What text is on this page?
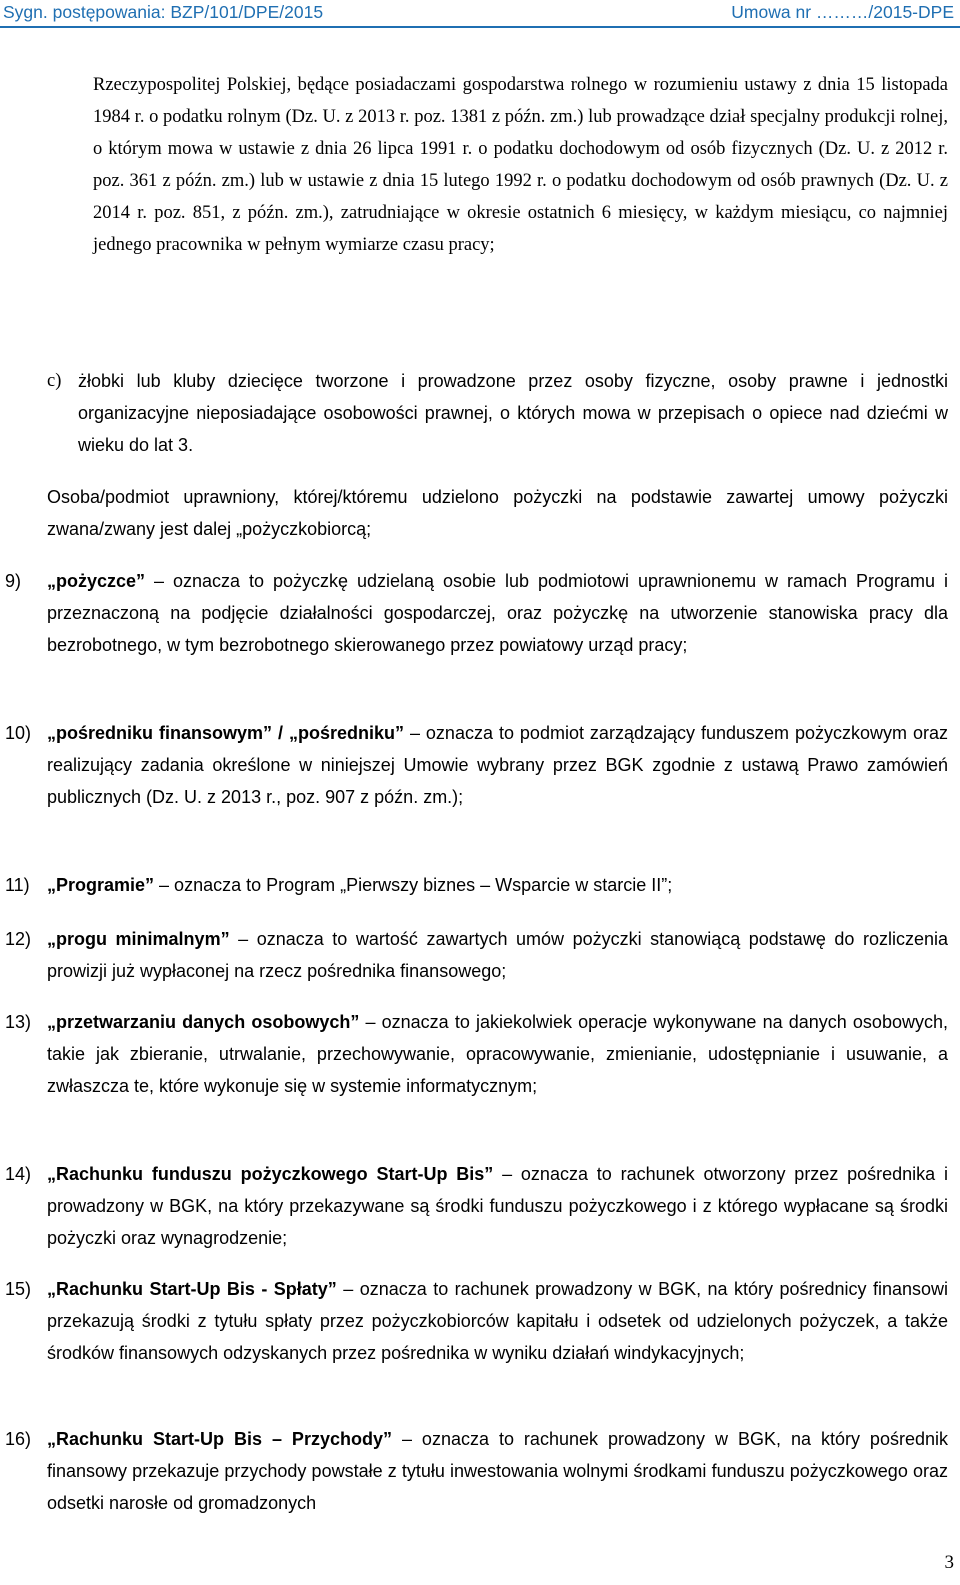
Sygn. postępowania: BZP/101/DPE/2015	Umowa nr ………/2015-DPE

Rzeczypospolitej Polskiej, będące posiadaczami gospodarstwa rolnego w rozumieniu ustawy z dnia 15 listopada 1984 r. o podatku rolnym (Dz. U. z 2013 r. poz. 1381 z późn. zm.) lub prowadzące dział specjalny produkcji rolnej, o którym mowa w ustawie z dnia 26 lipca 1991 r. o podatku dochodowym od osób fizycznych (Dz. U. z 2012 r. poz. 361 z późn. zm.) lub w ustawie z dnia 15 lutego 1992 r. o podatku dochodowym od osób prawnych (Dz. U. z 2014 r. poz. 851, z późn. zm.), zatrudniające w okresie ostatnich 6 miesięcy, w każdym miesiącu, co najmniej jednego pracownika w pełnym wymiarze czasu pracy;

c) żłobki lub kluby dziecięce tworzone i prowadzone przez osoby fizyczne, osoby prawne i jednostki organizacyjne nieposiadające osobowości prawnej, o których mowa w przepisach o opiece nad dziećmi w wieku do lat 3.

Osoba/podmiot uprawniony, której/któremu udzielono pożyczki na podstawie zawartej umowy pożyczki zwana/zwany jest dalej „pożyczkobiorcą;

9) „pożyczce” – oznacza to pożyczkę udzielaną osobie lub podmiotowi uprawnionemu w ramach Programu i przeznaczoną na podjęcie działalności gospodarczej, oraz pożyczkę na utworzenie stanowiska pracy dla bezrobotnego, w tym bezrobotnego skierowanego przez powiatowy urząd pracy;

10) „pośredniku finansowym” / „pośredniku” – oznacza to podmiot zarządzający funduszem pożyczkowym oraz realizujący zadania określone w niniejszej Umowie wybrany przez BGK zgodnie z ustawą Prawo zamówień publicznych (Dz. U. z 2013 r., poz. 907 z późn. zm.);

11) „Programie” – oznacza to Program „Pierwszy biznes – Wsparcie w starcie II”;

12) „progu minimalnym” – oznacza to wartość zawartych umów pożyczki stanowiącą podstawę do rozliczenia prowizji już wypłaconej na rzecz pośrednika finansowego;

13) „przetwarzaniu danych osobowych” – oznacza to jakiekolwiek operacje wykonywane na danych osobowych, takie jak zbieranie, utrwalanie, przechowywanie, opracowywanie, zmienianie, udostępnianie i usuwanie, a zwłaszcza te, które wykonuje się w systemie informatycznym;

14) „Rachunku funduszu pożyczkowego Start-Up Bis” – oznacza to rachunek otworzony przez pośrednika i prowadzony w BGK, na który przekazywane są środki funduszu pożyczkowego i z którego wypłacane są środki pożyczki oraz wynagrodzenie;

15) „Rachunku Start-Up Bis - Spłaty” – oznacza to rachunek prowadzony w BGK, na który pośrednicy finansowi przekazują środki z tytułu spłaty przez pożyczkobiorców kapitału i odsetek od udzielonych pożyczek, a także środków finansowych odzyskanych przez pośrednika w wyniku działań windykacyjnych;

16) „Rachunku Start-Up Bis – Przychody” – oznacza to rachunek prowadzony w BGK, na który pośrednik finansowy przekazuje przychody powstałe z tytułu inwestowania wolnymi środkami funduszu pożyczkowego oraz odsetki narosłe od gromadzonych

3
